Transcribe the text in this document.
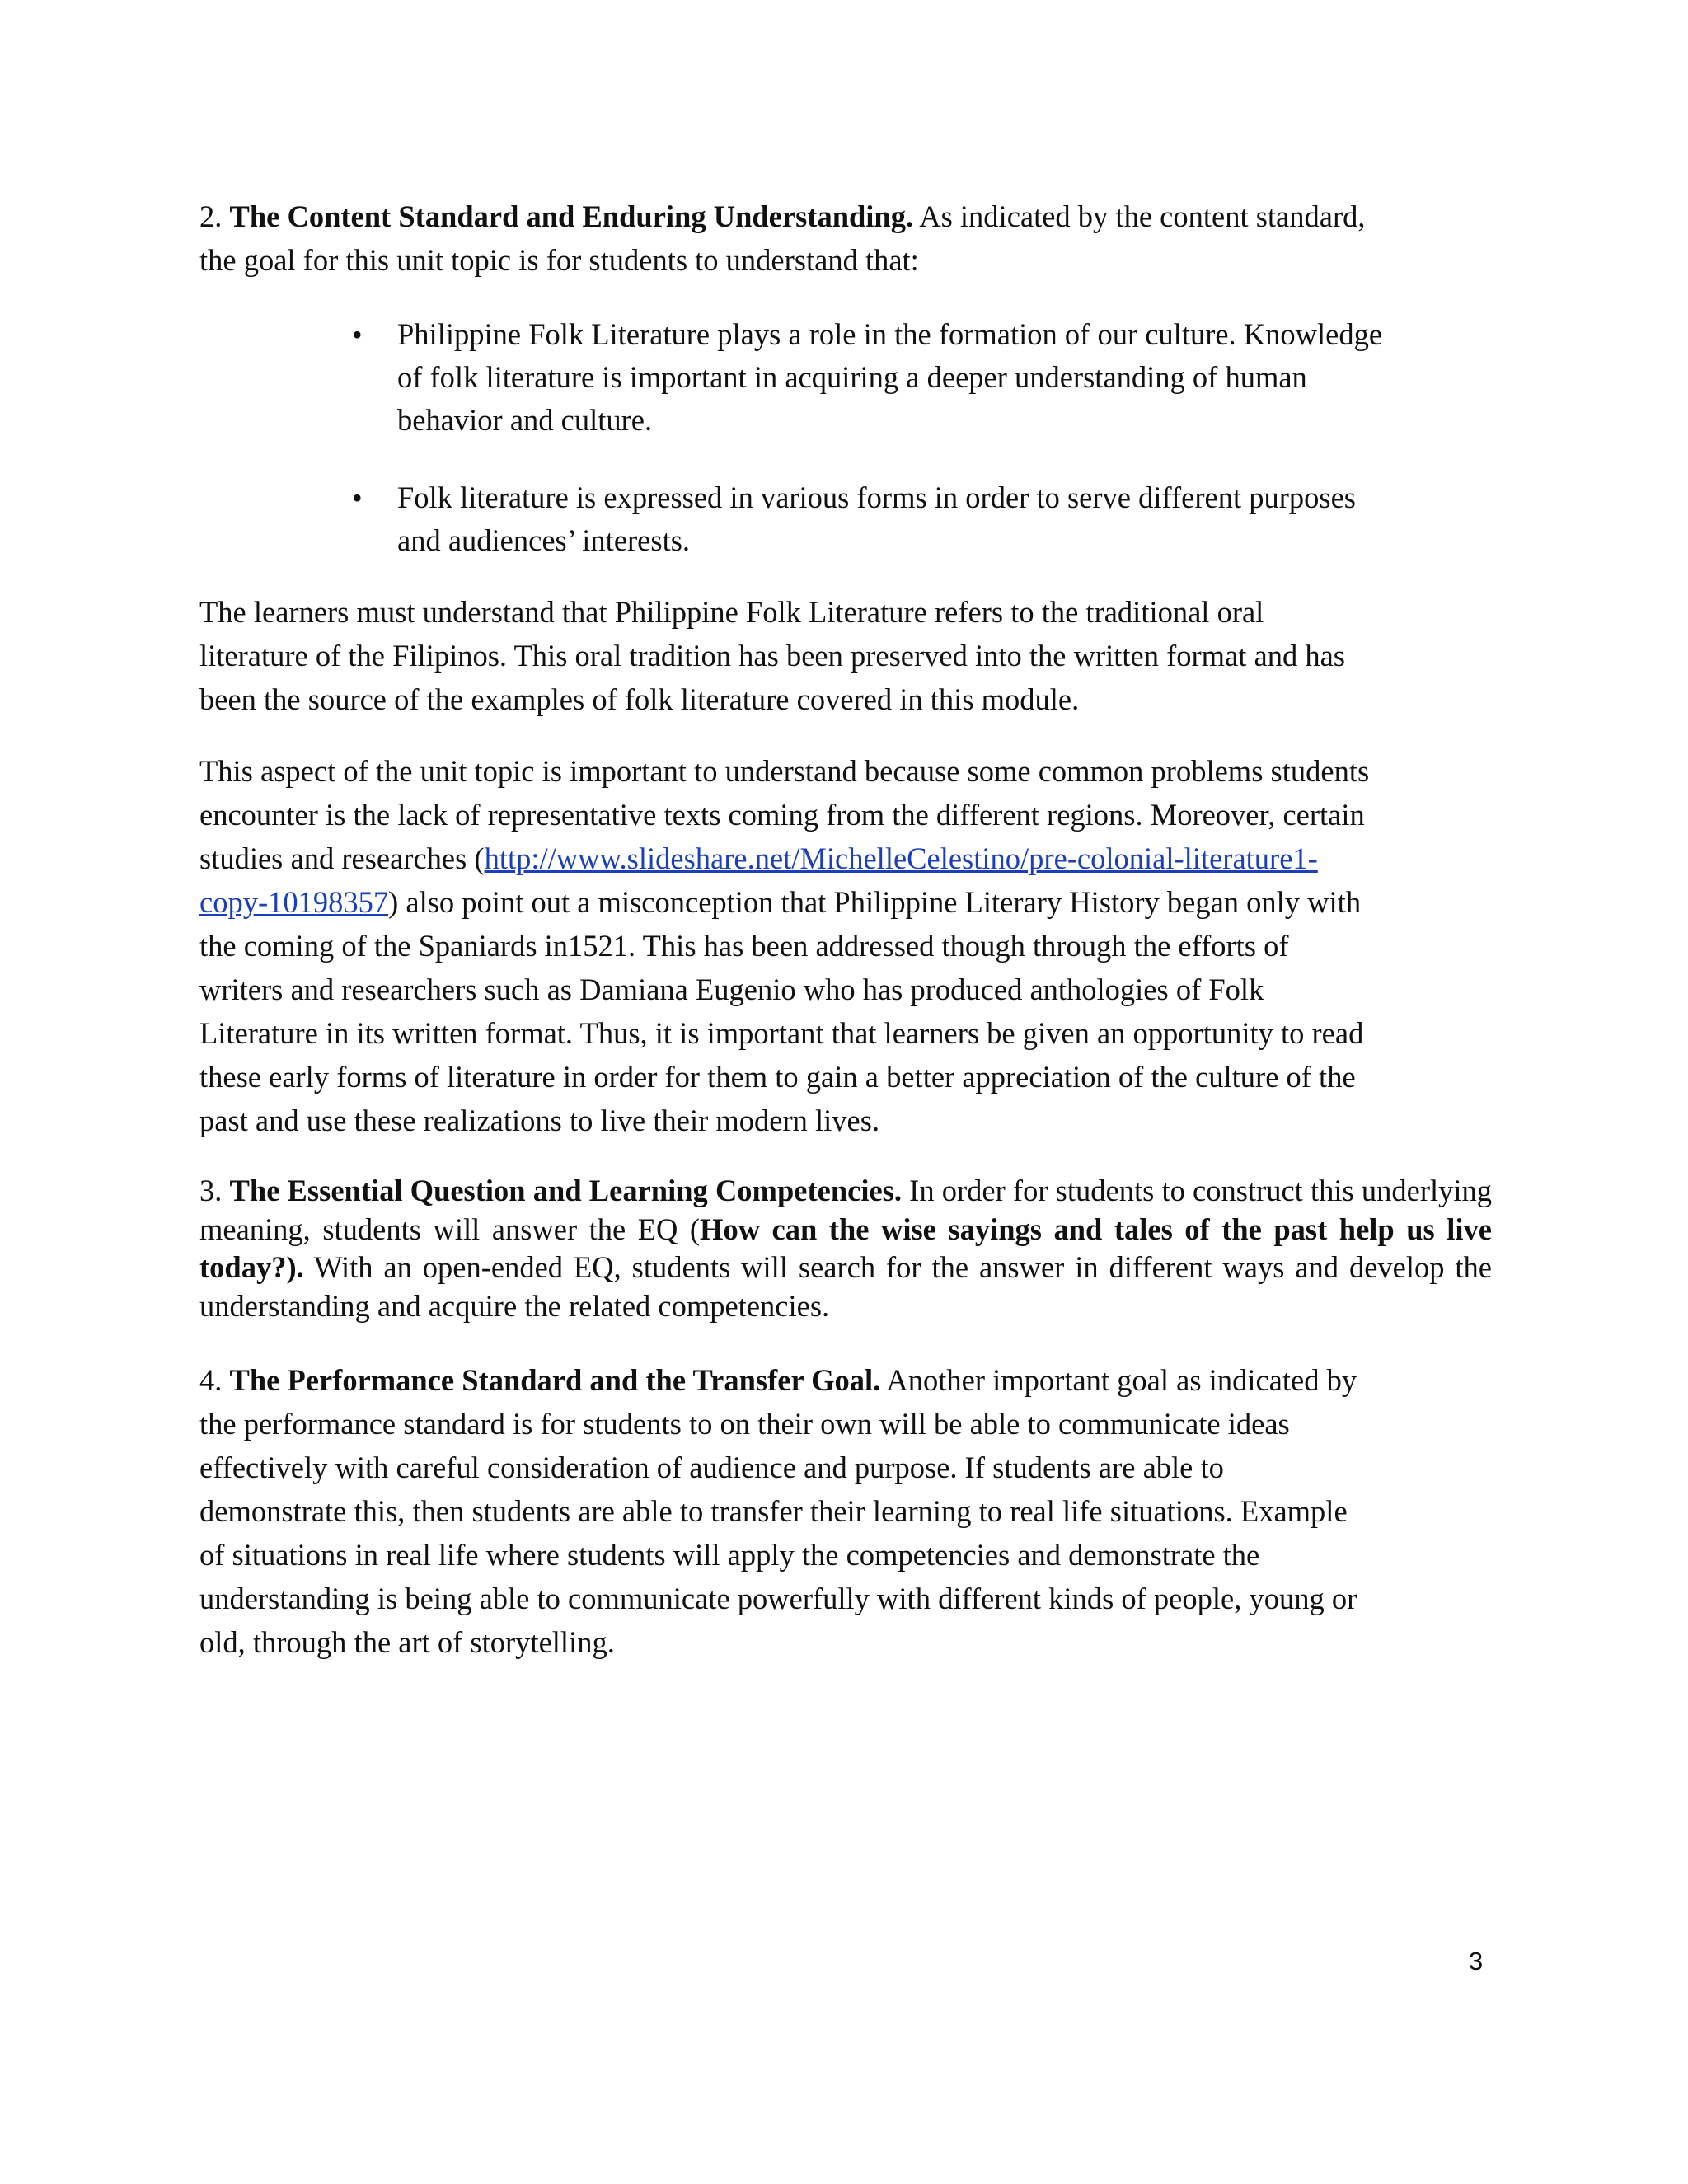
2. The Content Standard and Enduring Understanding. As indicated by the content standard,
the goal for this unit topic is for students to understand that:

• Philippine Folk Literature plays a role in the formation of our culture. Knowledge
of folk literature is important in acquiring a deeper understanding of human
behavior and culture.
• Folk literature is expressed in various forms in order to serve different purposes
and audiences’ interests.

The learners must understand that Philippine Folk Literature refers to the traditional oral
literature of the Filipinos. This oral tradition has been preserved into the written format and has
been the source of the examples of folk literature covered in this module.

This aspect of the unit topic is important to understand because some common problems students
encounter is the lack of representative texts coming from the different regions. Moreover, certain
studies and researches (http://www.slideshare.net/MichelleCelestino/pre-colonial-literature1-
copy-10198357) also point out a misconception that Philippine Literary History began only with
the coming of the Spaniards in1521. This has been addressed though through the efforts of
writers and researchers such as Damiana Eugenio who has produced anthologies of Folk
Literature in its written format. Thus, it is important that learners be given an opportunity to read
these early forms of literature in order for them to gain a better appreciation of the culture of the
past and use these realizations to live their modern lives.

3. The Essential Question and Learning Competencies. In order for students to construct this underlying meaning, students will answer the EQ (How can the wise sayings and tales of the past help us live today?). With an open-ended EQ, students will search for the answer in different ways and develop the understanding and acquire the related competencies.

4. The Performance Standard and the Transfer Goal. Another important goal as indicated by
the performance standard is for students to on their own will be able to communicate ideas
effectively with careful consideration of audience and purpose. If students are able to
demonstrate this, then students are able to transfer their learning to real life situations. Example
of situations in real life where students will apply the competencies and demonstrate the
understanding is being able to communicate powerfully with different kinds of people, young or
old, through the art of storytelling.

3
